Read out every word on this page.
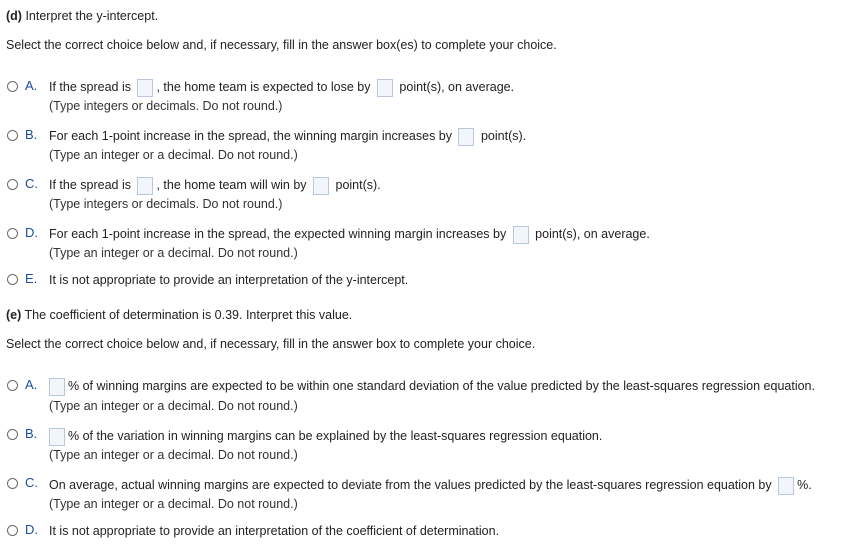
(d) Interpret the y-intercept.
Select the correct choice below and, if necessary, fill in the answer box(es) to complete your choice.
A. If the spread is , the home team is expected to lose by  point(s), on average.
(Type integers or decimals. Do not round.)
B. For each 1-point increase in the spread, the winning margin increases by  point(s).
(Type an integer or a decimal. Do not round.)
C. If the spread is , the home team will win by  point(s).
(Type integers or decimals. Do not round.)
D. For each 1-point increase in the spread, the expected winning margin increases by  point(s), on average.
(Type an integer or a decimal. Do not round.)
E. It is not appropriate to provide an interpretation of the y-intercept.
(e) The coefficient of determination is 0.39. Interpret this value.
Select the correct choice below and, if necessary, fill in the answer box to complete your choice.
A.	% of winning margins are expected to be within one standard deviation of the value predicted by the least-squares regression equation.
(Type an integer or a decimal. Do not round.)
B.	% of the variation in winning margins can be explained by the least-squares regression equation.
(Type an integer or a decimal. Do not round.)
C. On average, actual winning margins are expected to deviate from the values predicted by the least-squares regression equation by %.
(Type an integer or a decimal. Do not round.)
D. It is not appropriate to provide an interpretation of the coefficient of determination.
